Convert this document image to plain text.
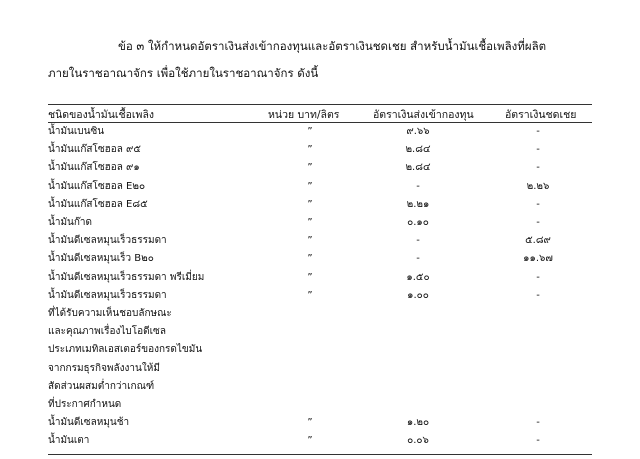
ข้อ ๓ ให้กำหนดอัตราเงินส่งเข้ากองทุนและอัตราเงินชดเชย สำหรับน้ำมันเชื้อเพลิงที่ผลิต
ภายในราชอาณาจักร เพื่อใช้ภายในราชอาณาจักร ดังนี้
ชนิดของน้ำมันเชื้อเพลิง	หน่วย บาท/ลิตร	อัตราเงินส่งเข้ากองทุน	อัตราเงินชดเชย
น้ำมันเบนซิน	”	๙.๖๖	-
น้ำมันแก๊สโซฮอล ๙๕	”	๒.๘๔	-
น้ำมันแก๊สโซฮอล ๙๑	”	๒.๘๔	-
น้ำมันแก๊สโซฮอล E๒๐	”	-	๒.๒๖
น้ำมันแก๊สโซฮอล E๘๕	”	๒.๒๑	-
น้ำมันก๊าด	”	๐.๑๐	-
น้ำมันดีเซลหมุนเร็วธรรมดา	”	-	๕.๘๙
น้ำมันดีเซลหมุนเร็ว B๒๐	”	-	๑๑.๖๗
น้ำมันดีเซลหมุนเร็วธรรมดา พรีเมี่ยม	”	๑.๕๐	-
น้ำมันดีเซลหมุนเร็วธรรมดา	”	๑.๐๐	-
ที่ได้รับความเห็นชอบลักษณะ
และคุณภาพเรื่องไบโอดีเซล
ประเภทเมทิลเอสเตอร์ของกรดไขมัน
จากกรมธุรกิจพลังงานให้มี
สัดส่วนผสมต่ำกว่าเกณฑ์
ที่ประกาศกำหนด
น้ำมันดีเซลหมุนช้า	”	๑.๒๐	-
น้ำมันเตา	”	๐.๐๖	-
